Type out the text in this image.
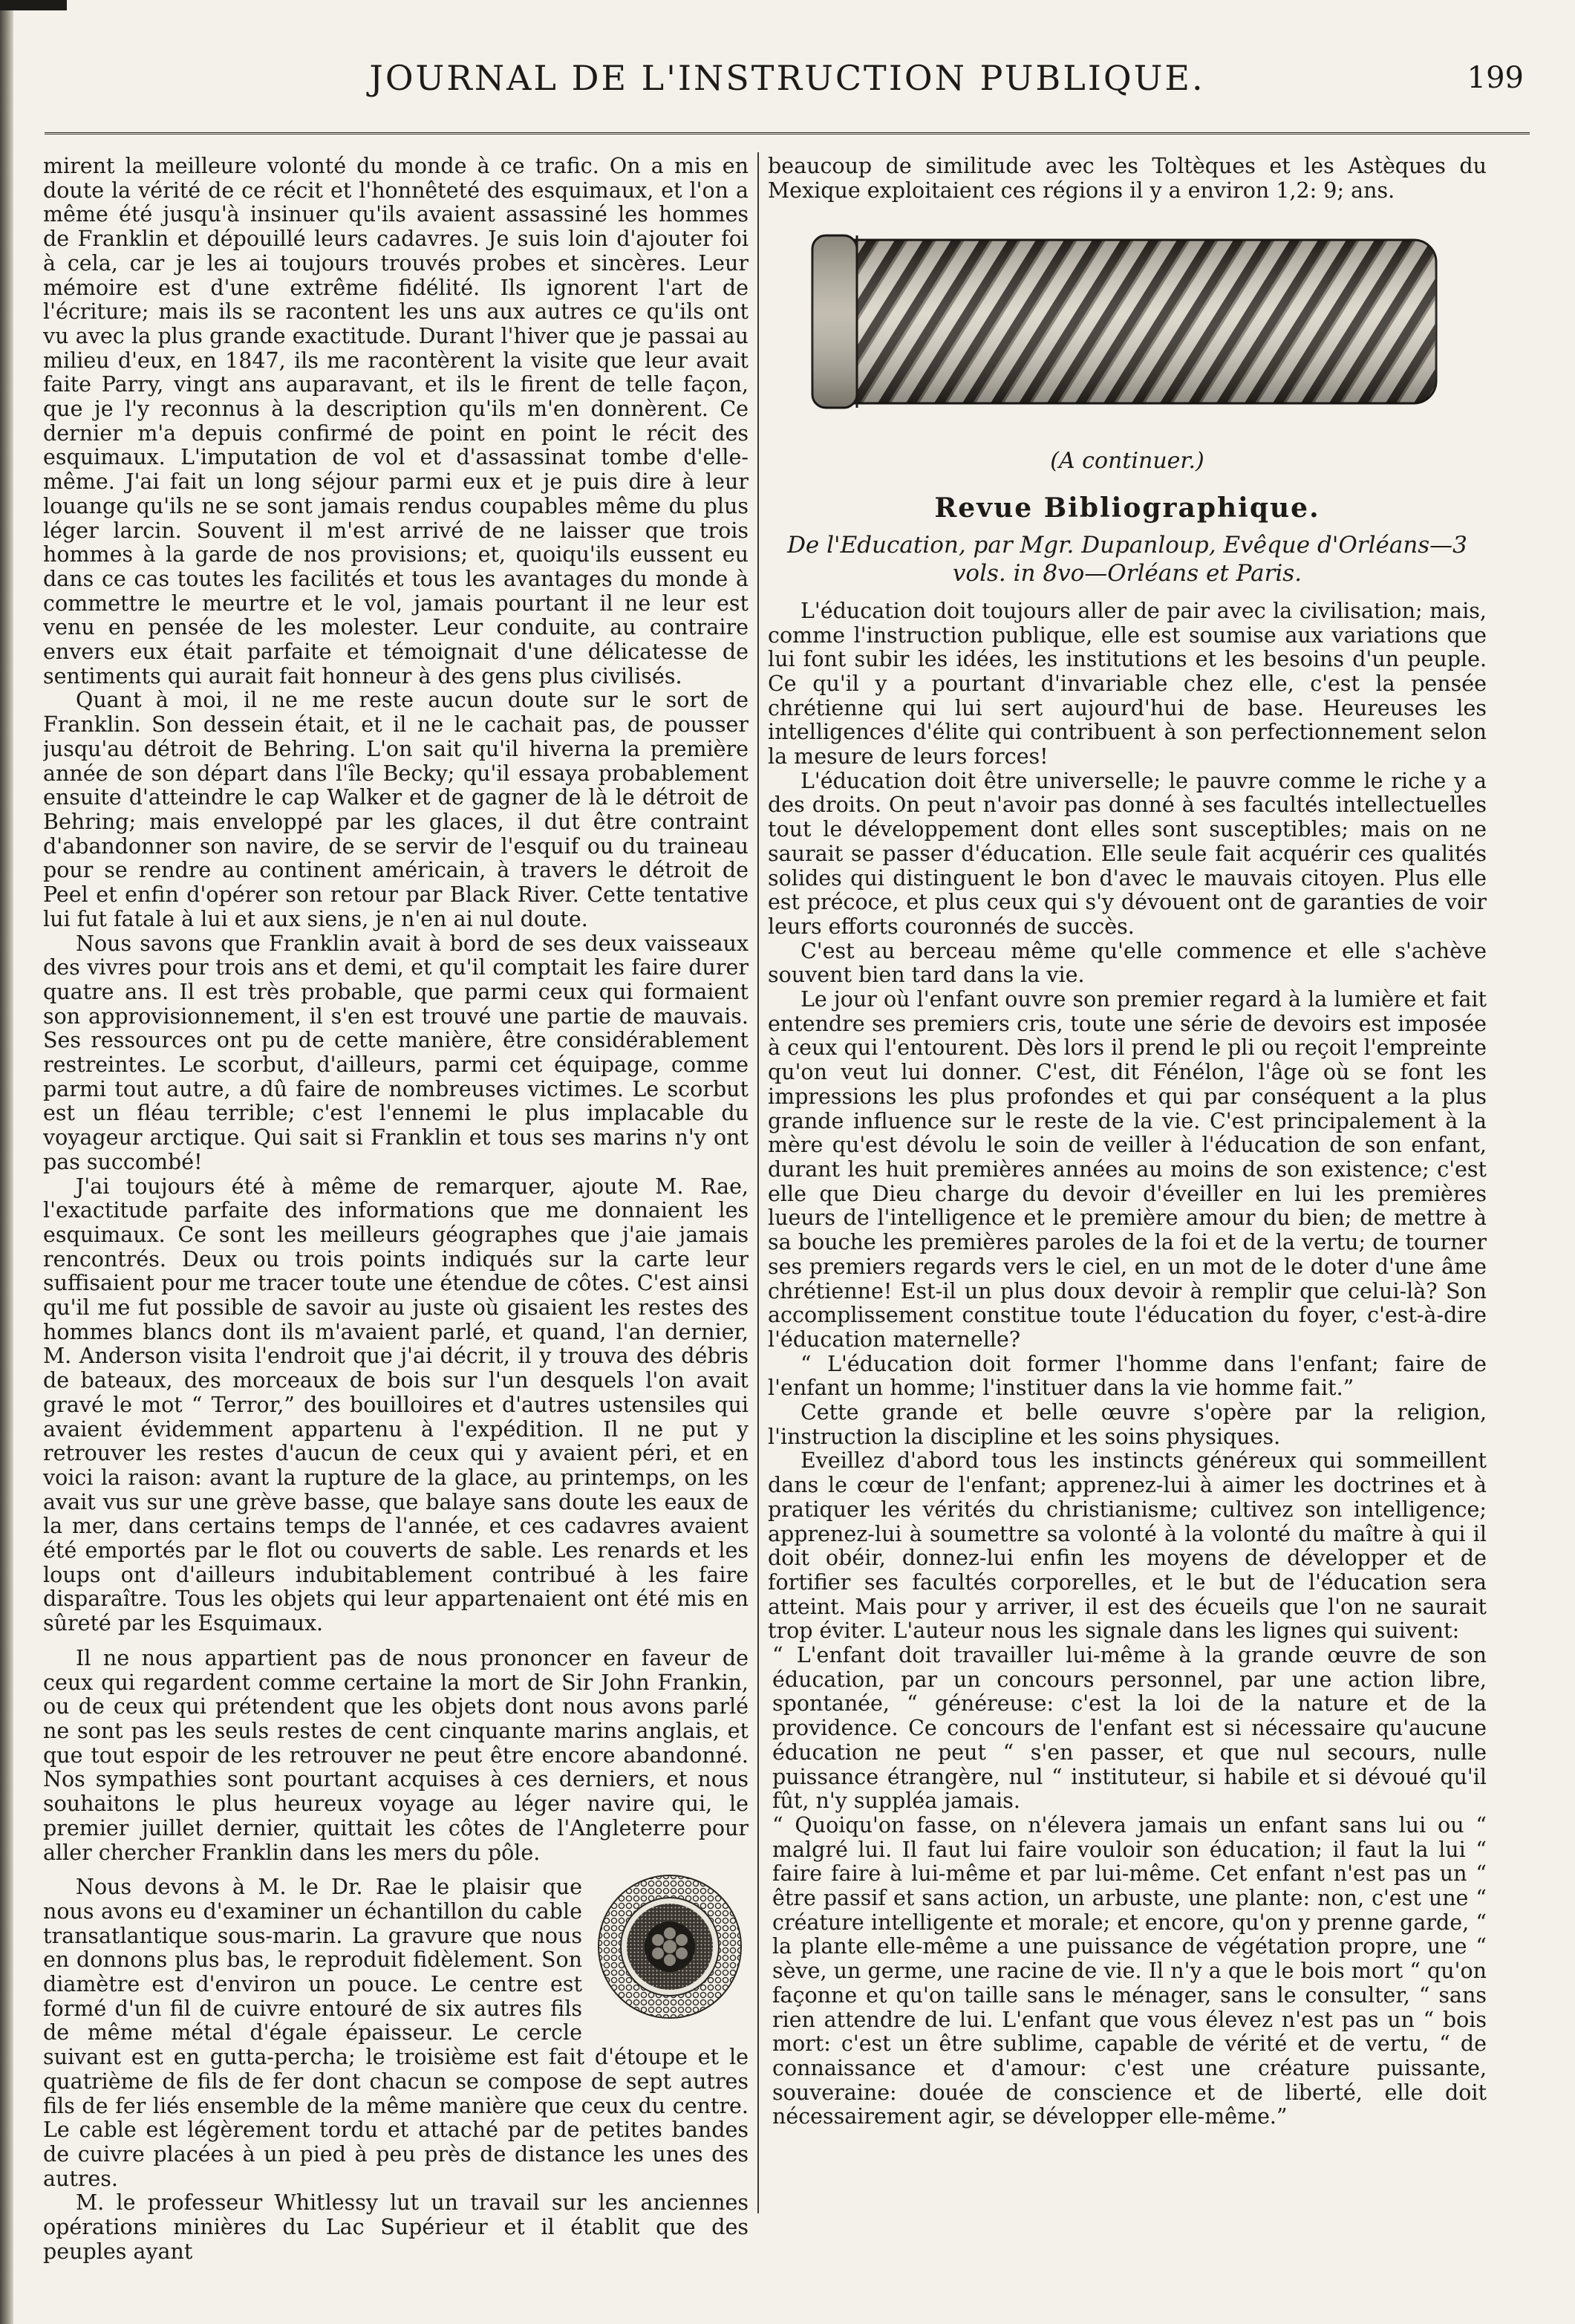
JOURNAL DE L'INSTRUCTION PUBLIQUE.	199

mirent la meilleure volonté du monde à ce trafic. On a mis en doute la vérité de ce récit et l'honnêteté des esquimaux, et l'on a même été jusqu'à insinuer qu'ils avaient assassiné les hommes de Franklin et dépouillé leurs cadavres. Je suis loin d'ajouter foi à cela, car je les ai toujours trouvés probes et sincères. Leur mémoire est d'une extrême fidélité. Ils ignorent l'art de l'écriture; mais ils se racontent les uns aux autres ce qu'ils ont vu avec la plus grande exactitude. Durant l'hiver que je passai au milieu d'eux, en 1847, ils me racontèrent la visite que leur avait faite Parry, vingt ans auparavant, et ils le firent de telle façon, que je l'y reconnus à la description qu'ils m'en donnèrent. Ce dernier m'a depuis confirmé de point en point le récit des esquimaux. L'imputation de vol et d'assassinat tombe d'elle-même. J'ai fait un long séjour parmi eux et je puis dire à leur louange qu'ils ne se sont jamais rendus coupables même du plus léger larcin. Souvent il m'est arrivé de ne laisser que trois hommes à la garde de nos provisions; et, quoiqu'ils eussent eu dans ce cas toutes les facilités et tous les avantages du monde à commettre le meurtre et le vol, jamais pourtant il ne leur est venu en pensée de les molester. Leur conduite, au contraire envers eux était parfaite et témoignait d'une délicatesse de sentiments qui aurait fait honneur à des gens plus civilisés.

Quant à moi, il ne me reste aucun doute sur le sort de Franklin. Son dessein était, et il ne le cachait pas, de pousser jusqu'au détroit de Behring. L'on sait qu'il hiverna la première année de son départ dans l'île Becky; qu'il essaya probablement ensuite d'atteindre le cap Walker et de gagner de là le détroit de Behring; mais enveloppé par les glaces, il dut être contraint d'abandonner son navire, de se servir de l'esquif ou du traineau pour se rendre au continent américain, à travers le détroit de Peel et enfin d'opérer son retour par Black River. Cette tentative lui fut fatale à lui et aux siens, je n'en ai nul doute.

Nous savons que Franklin avait à bord de ses deux vaisseaux des vivres pour trois ans et demi, et qu'il comptait les faire durer quatre ans. Il est très probable, que parmi ceux qui formaient son approvisionnement, il s'en est trouvé une partie de mauvais. Ses ressources ont pu de cette manière, être considérablement restreintes. Le scorbut, d'ailleurs, parmi cet équipage, comme parmi tout autre, a dû faire de nombreuses victimes. Le scorbut est un fléau terrible; c'est l'ennemi le plus implacable du voyageur arctique. Qui sait si Franklin et tous ses marins n'y ont pas succombé!

J'ai toujours été à même de remarquer, ajoute M. Rae, l'exactitude parfaite des informations que me donnaient les esquimaux. Ce sont les meilleurs géographes que j'aie jamais rencontrés. Deux ou trois points indiqués sur la carte leur suffisaient pour me tracer toute une étendue de côtes. C'est ainsi qu'il me fut possible de savoir au juste où gisaient les restes des hommes blancs dont ils m'avaient parlé, et quand, l'an dernier, M. Anderson visita l'endroit que j'ai décrit, il y trouva des débris de bateaux, des morceaux de bois sur l'un desquels l'on avait gravé le mot “ Terror,” des bouilloires et d'autres ustensiles qui avaient évidemment appartenu à l'expédition. Il ne put y retrouver les restes d'aucun de ceux qui y avaient péri, et en voici la raison: avant la rupture de la glace, au printemps, on les avait vus sur une grève basse, que balaye sans doute les eaux de la mer, dans certains temps de l'année, et ces cadavres avaient été emportés par le flot ou couverts de sable. Les renards et les loups ont d'ailleurs indubitablement contribué à les faire disparaître. Tous les objets qui leur appartenaient ont été mis en sûreté par les Esquimaux.

Il ne nous appartient pas de nous prononcer en faveur de ceux qui regardent comme certaine la mort de Sir John Frankin, ou de ceux qui prétendent que les objets dont nous avons parlé ne sont pas les seuls restes de cent cinquante marins anglais, et que tout espoir de les retrouver ne peut être encore abandonné. Nos sympathies sont pourtant acquises à ces derniers, et nous souhaitons le plus heureux voyage au léger navire qui, le premier juillet dernier, quittait les côtes de l'Angleterre pour aller chercher Franklin dans les mers du pôle.

Nous devons à M. le Dr. Rae le plaisir que nous avons eu d'examiner un échantillon du cable transatlantique sous-marin. La gravure que nous en donnons plus bas, le reproduit fidèlement. Son diamètre est d'environ un pouce. Le centre est formé d'un fil de cuivre entouré de six autres fils de même métal d'égale épaisseur. Le cercle suivant est en gutta-percha; le troisième est fait d'étoupe et le quatrième de fils de fer dont chacun se compose de sept autres fils de fer liés ensemble de la même manière que ceux du centre. Le cable est légèrement tordu et attaché par de petites bandes de cuivre placées à un pied à peu près de distance les unes des autres.

M. le professeur Whitlessy lut un travail sur les anciennes opérations minières du Lac Supérieur et il établit que des peuples ayant

beaucoup de similitude avec les Toltèques et les Astèques du Mexique exploitaient ces régions il y a environ 1,2: 9; ans.

(A continuer.)
Revue Bibliographique.
De l'Education, par Mgr. Dupanloup, Evêque d'Orléans—3 vols. in 8vo—Orléans et Paris.

L'éducation doit toujours aller de pair avec la civilisation; mais, comme l'instruction publique, elle est soumise aux variations que lui font subir les idées, les institutions et les besoins d'un peuple. Ce qu'il y a pourtant d'invariable chez elle, c'est la pensée chrétienne qui lui sert aujourd'hui de base. Heureuses les intelligences d'élite qui contribuent à son perfectionnement selon la mesure de leurs forces!

L'éducation doit être universelle; le pauvre comme le riche y a des droits. On peut n'avoir pas donné à ses facultés intellectuelles tout le développement dont elles sont susceptibles; mais on ne saurait se passer d'éducation. Elle seule fait acquérir ces qualités solides qui distinguent le bon d'avec le mauvais citoyen. Plus elle est précoce, et plus ceux qui s'y dévouent ont de garanties de voir leurs efforts couronnés de succès.

C'est au berceau même qu'elle commence et elle s'achève souvent bien tard dans la vie.

Le jour où l'enfant ouvre son premier regard à la lumière et fait entendre ses premiers cris, toute une série de devoirs est imposée à ceux qui l'entourent. Dès lors il prend le pli ou reçoit l'empreinte qu'on veut lui donner. C'est, dit Fénélon, l'âge où se font les impressions les plus profondes et qui par conséquent a la plus grande influence sur le reste de la vie. C'est principalement à la mère qu'est dévolu le soin de veiller à l'éducation de son enfant, durant les huit premières années au moins de son existence; c'est elle que Dieu charge du devoir d'éveiller en lui les premières lueurs de l'intelligence et le première amour du bien; de mettre à sa bouche les premières paroles de la foi et de la vertu; de tourner ses premiers regards vers le ciel, en un mot de le doter d'une âme chrétienne! Est-il un plus doux devoir à remplir que celui-là? Son accomplissement constitue toute l'éducation du foyer, c'est-à-dire l'éducation maternelle?

“ L'éducation doit former l'homme dans l'enfant; faire de l'enfant un homme; l'instituer dans la vie homme fait.”

Cette grande et belle œuvre s'opère par la religion, l'instruction la discipline et les soins physiques.

Eveillez d'abord tous les instincts généreux qui sommeillent dans le cœur de l'enfant; apprenez-lui à aimer les doctrines et à pratiquer les vérités du christianisme; cultivez son intelligence; apprenez-lui à soumettre sa volonté à la volonté du maître à qui il doit obéir, donnez-lui enfin les moyens de développer et de fortifier ses facultés corporelles, et le but de l'éducation sera atteint. Mais pour y arriver, il est des écueils que l'on ne saurait trop éviter. L'auteur nous les signale dans les lignes qui suivent:

“ L'enfant doit travailler lui-même à la grande œuvre de son éducation, par un concours personnel, par une action libre, spontanée, “ généreuse: c'est la loi de la nature et de la providence. Ce concours de l'enfant est si nécessaire qu'aucune éducation ne peut “ s'en passer, et que nul secours, nulle puissance étrangère, nul “ instituteur, si habile et si dévoué qu'il fût, n'y suppléa jamais.

“ Quoiqu'on fasse, on n'élevera jamais un enfant sans lui ou “ malgré lui. Il faut lui faire vouloir son éducation; il faut la lui “ faire faire à lui-même et par lui-même. Cet enfant n'est pas un “ être passif et sans action, un arbuste, une plante: non, c'est une “ créature intelligente et morale; et encore, qu'on y prenne garde, “ la plante elle-même a une puissance de végétation propre, une “ sève, un germe, une racine de vie. Il n'y a que le bois mort “ qu'on façonne et qu'on taille sans le ménager, sans le consulter, “ sans rien attendre de lui. L'enfant que vous élevez n'est pas un “ bois mort: c'est un être sublime, capable de vérité et de vertu, “ de connaissance et d'amour: c'est une créature puissante, souveraine: douée de conscience et de liberté, elle doit nécessairement agir, se développer elle-même.”
